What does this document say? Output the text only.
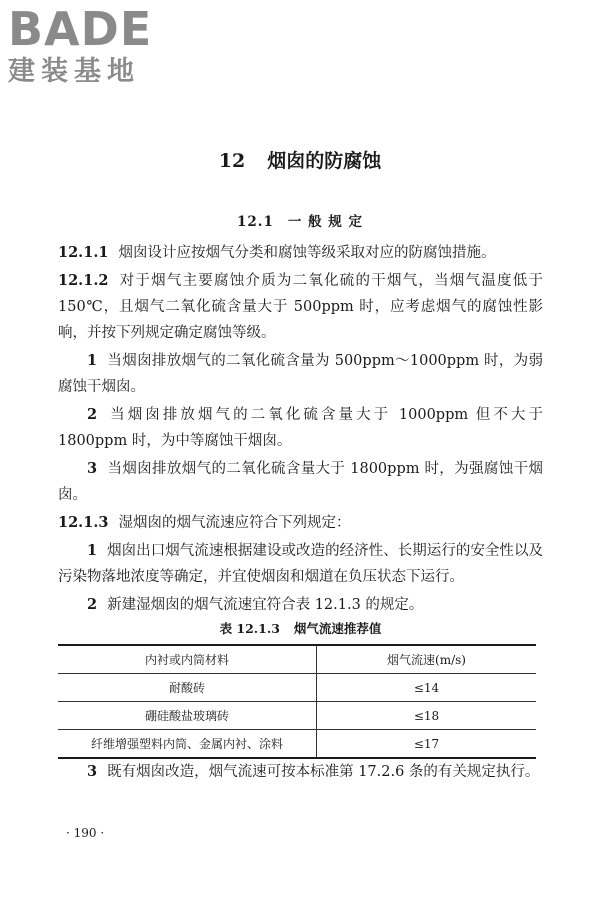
BADE
建装基地
12 烟囱的防腐蚀
12.1 一 般 规 定

12.1.1 烟囱设计应按烟气分类和腐蚀等级采取对应的防腐蚀措施。

12.1.2 对于烟气主要腐蚀介质为二氧化硫的干烟气，当烟气温度低于 150℃，且烟气二氧化硫含量大于 500ppm 时，应考虑烟气的腐蚀性影响，并按下列规定确定腐蚀等级。

1 当烟囱排放烟气的二氧化硫含量为 500ppm～1000ppm 时，为弱腐蚀干烟囱。

2 当烟囱排放烟气的二氧化硫含量大于 1000ppm 但不大于 1800ppm 时，为中等腐蚀干烟囱。

3 当烟囱排放烟气的二氧化硫含量大于 1800ppm 时，为强腐蚀干烟囱。

12.1.3 湿烟囱的烟气流速应符合下列规定：

1 烟囱出口烟气流速根据建设或改造的经济性、长期运行的安全性以及污染物落地浓度等确定，并宜使烟囱和烟道在负压状态下运行。

2 新建湿烟囱的烟气流速宜符合表 12.1.3 的规定。

表 12.1.3 烟气流速推荐值
内衬或内筒材料	烟气流速(m/s)
耐酸砖	≤14
硼硅酸盐玻璃砖	≤18
纤维增强塑料内筒、金属内衬、涂料	≤17

3 既有烟囱改造，烟气流速可按本标准第 17.2.6 条的有关规定执行。

· 190 ·
